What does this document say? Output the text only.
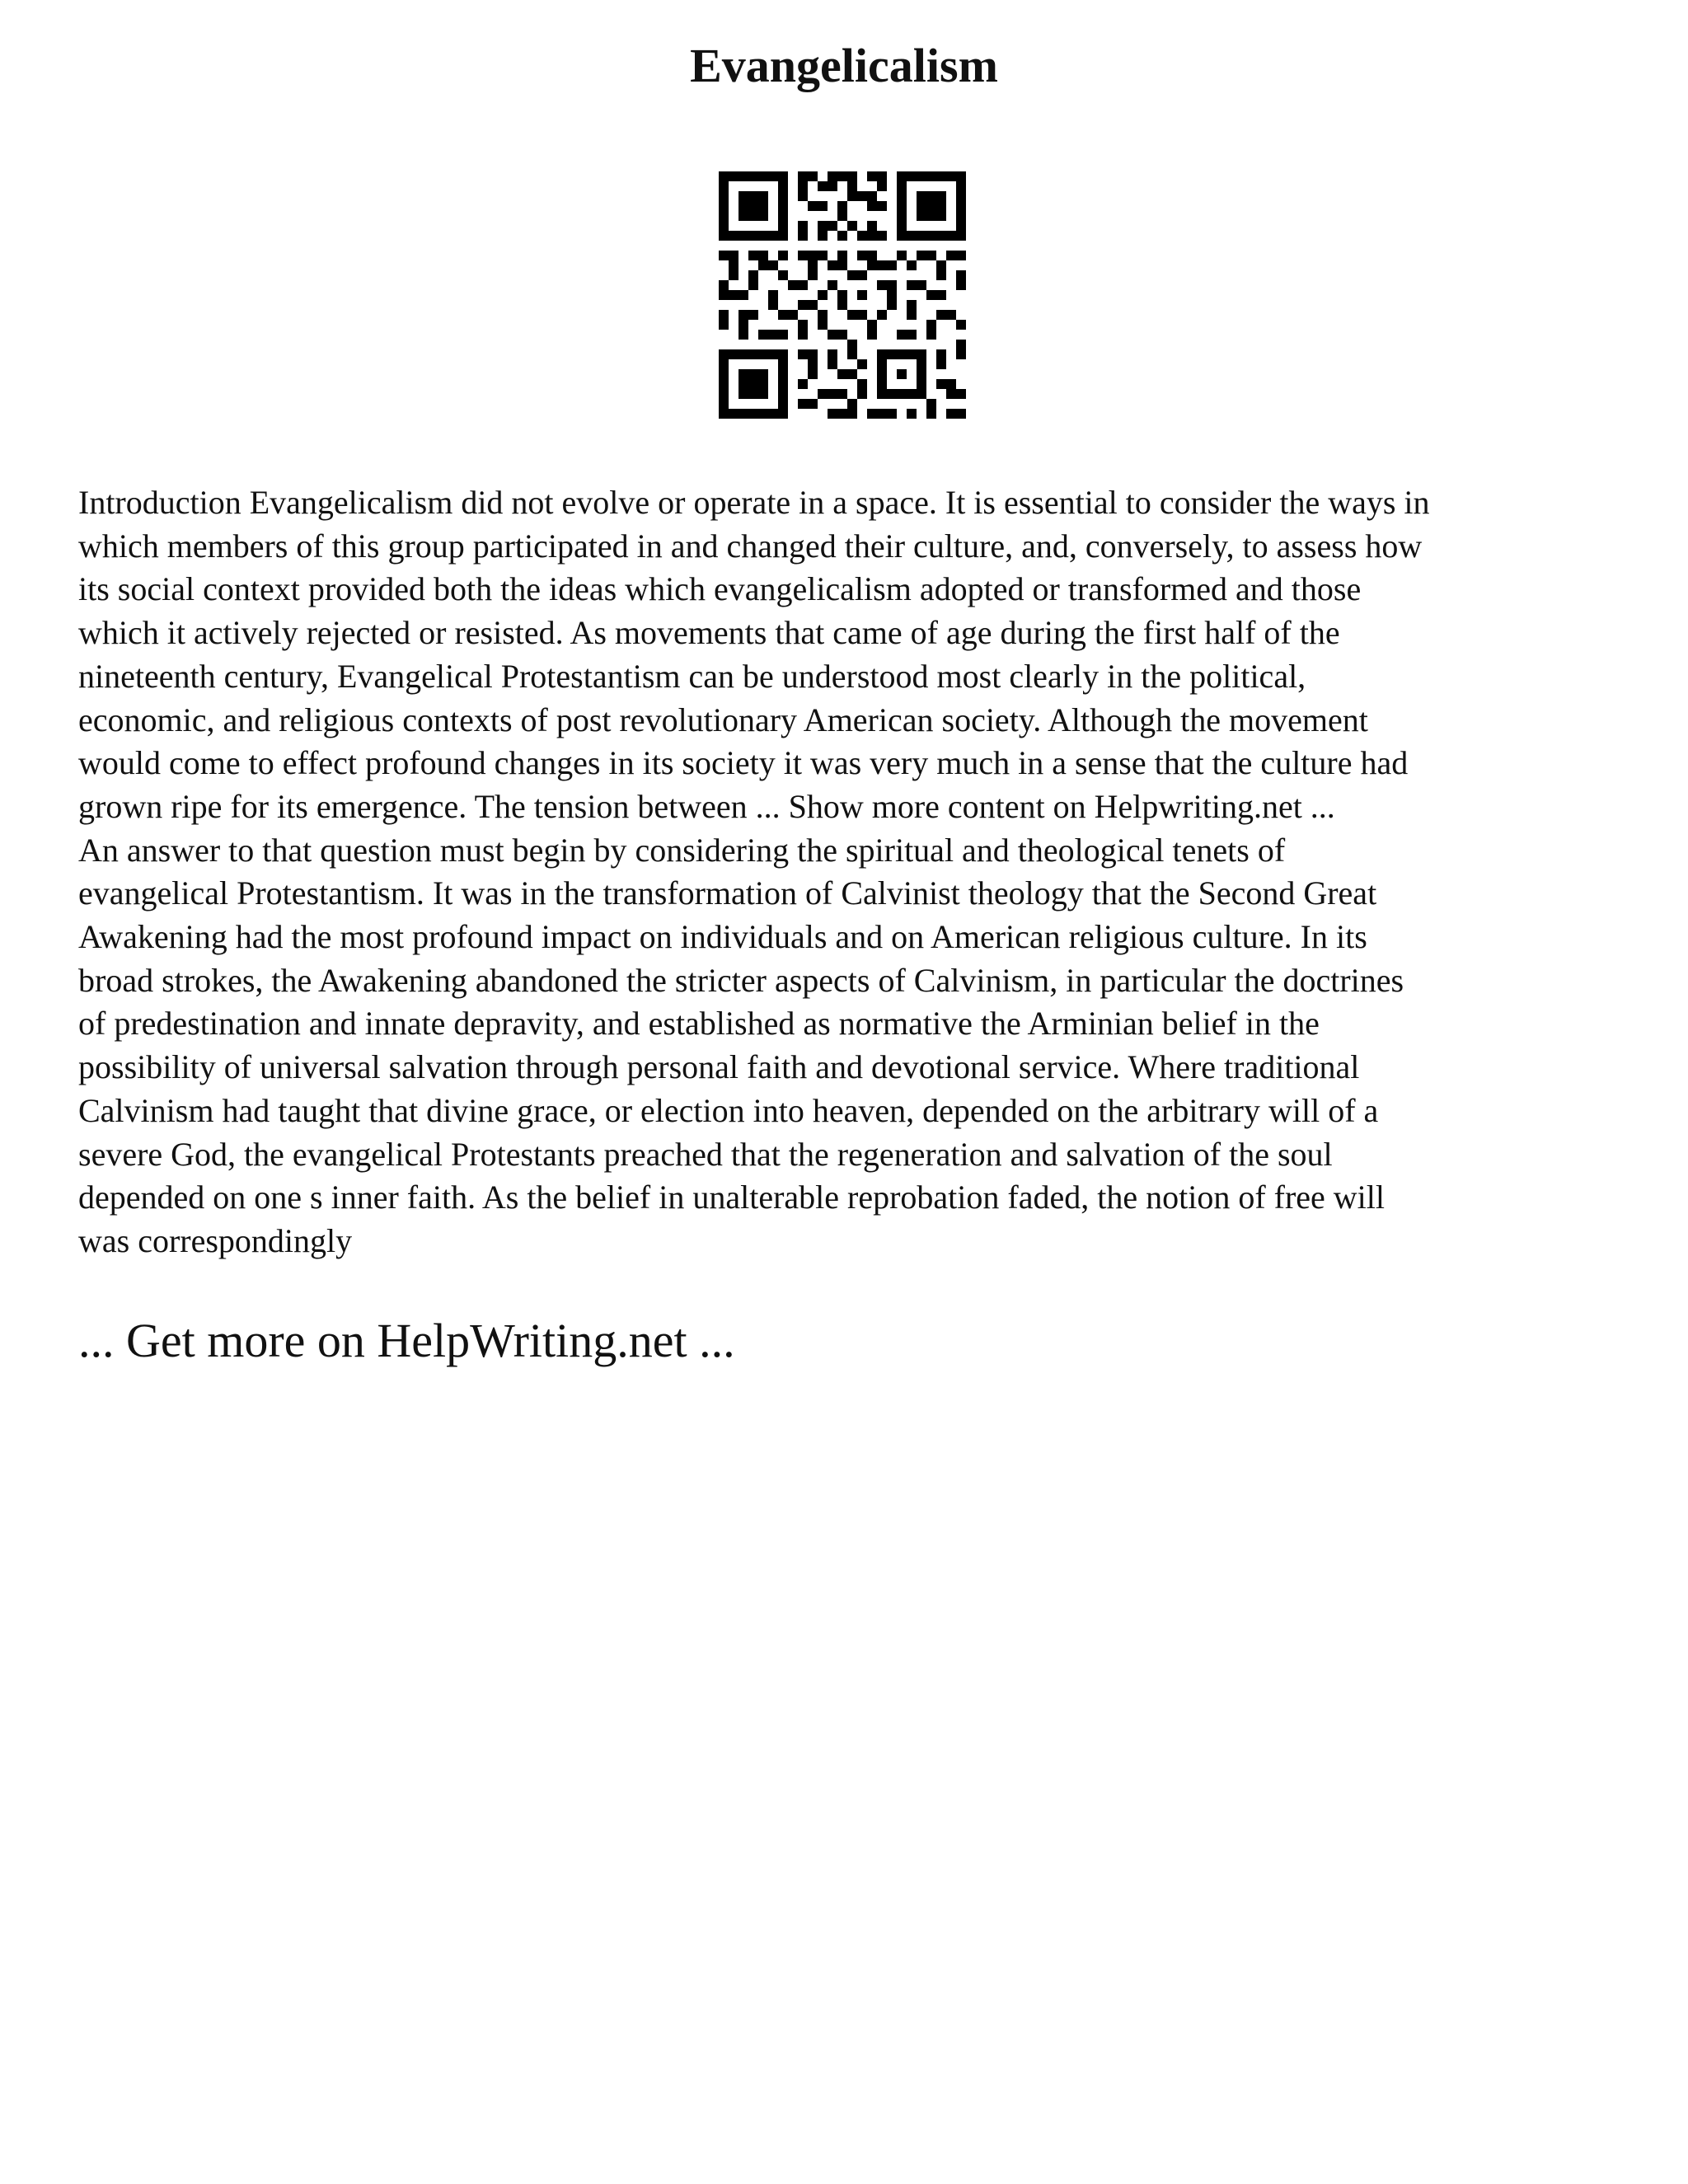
Evangelicalism
Introduction Evangelicalism did not evolve or operate in a space. It is essential to consider the ways in
which members of this group participated in and changed their culture, and, conversely, to assess how
its social context provided both the ideas which evangelicalism adopted or transformed and those
which it actively rejected or resisted. As movements that came of age during the first half of the
nineteenth century, Evangelical Protestantism can be understood most clearly in the political,
economic, and religious contexts of post revolutionary American society. Although the movement
would come to effect profound changes in its society it was very much in a sense that the culture had
grown ripe for its emergence. The tension between ... Show more content on Helpwriting.net ...
An answer to that question must begin by considering the spiritual and theological tenets of
evangelical Protestantism. It was in the transformation of Calvinist theology that the Second Great
Awakening had the most profound impact on individuals and on American religious culture. In its
broad strokes, the Awakening abandoned the stricter aspects of Calvinism, in particular the doctrines
of predestination and innate depravity, and established as normative the Arminian belief in the
possibility of universal salvation through personal faith and devotional service. Where traditional
Calvinism had taught that divine grace, or election into heaven, depended on the arbitrary will of a
severe God, the evangelical Protestants preached that the regeneration and salvation of the soul
depended on one s inner faith. As the belief in unalterable reprobation faded, the notion of free will
was correspondingly

... Get more on HelpWriting.net ...
